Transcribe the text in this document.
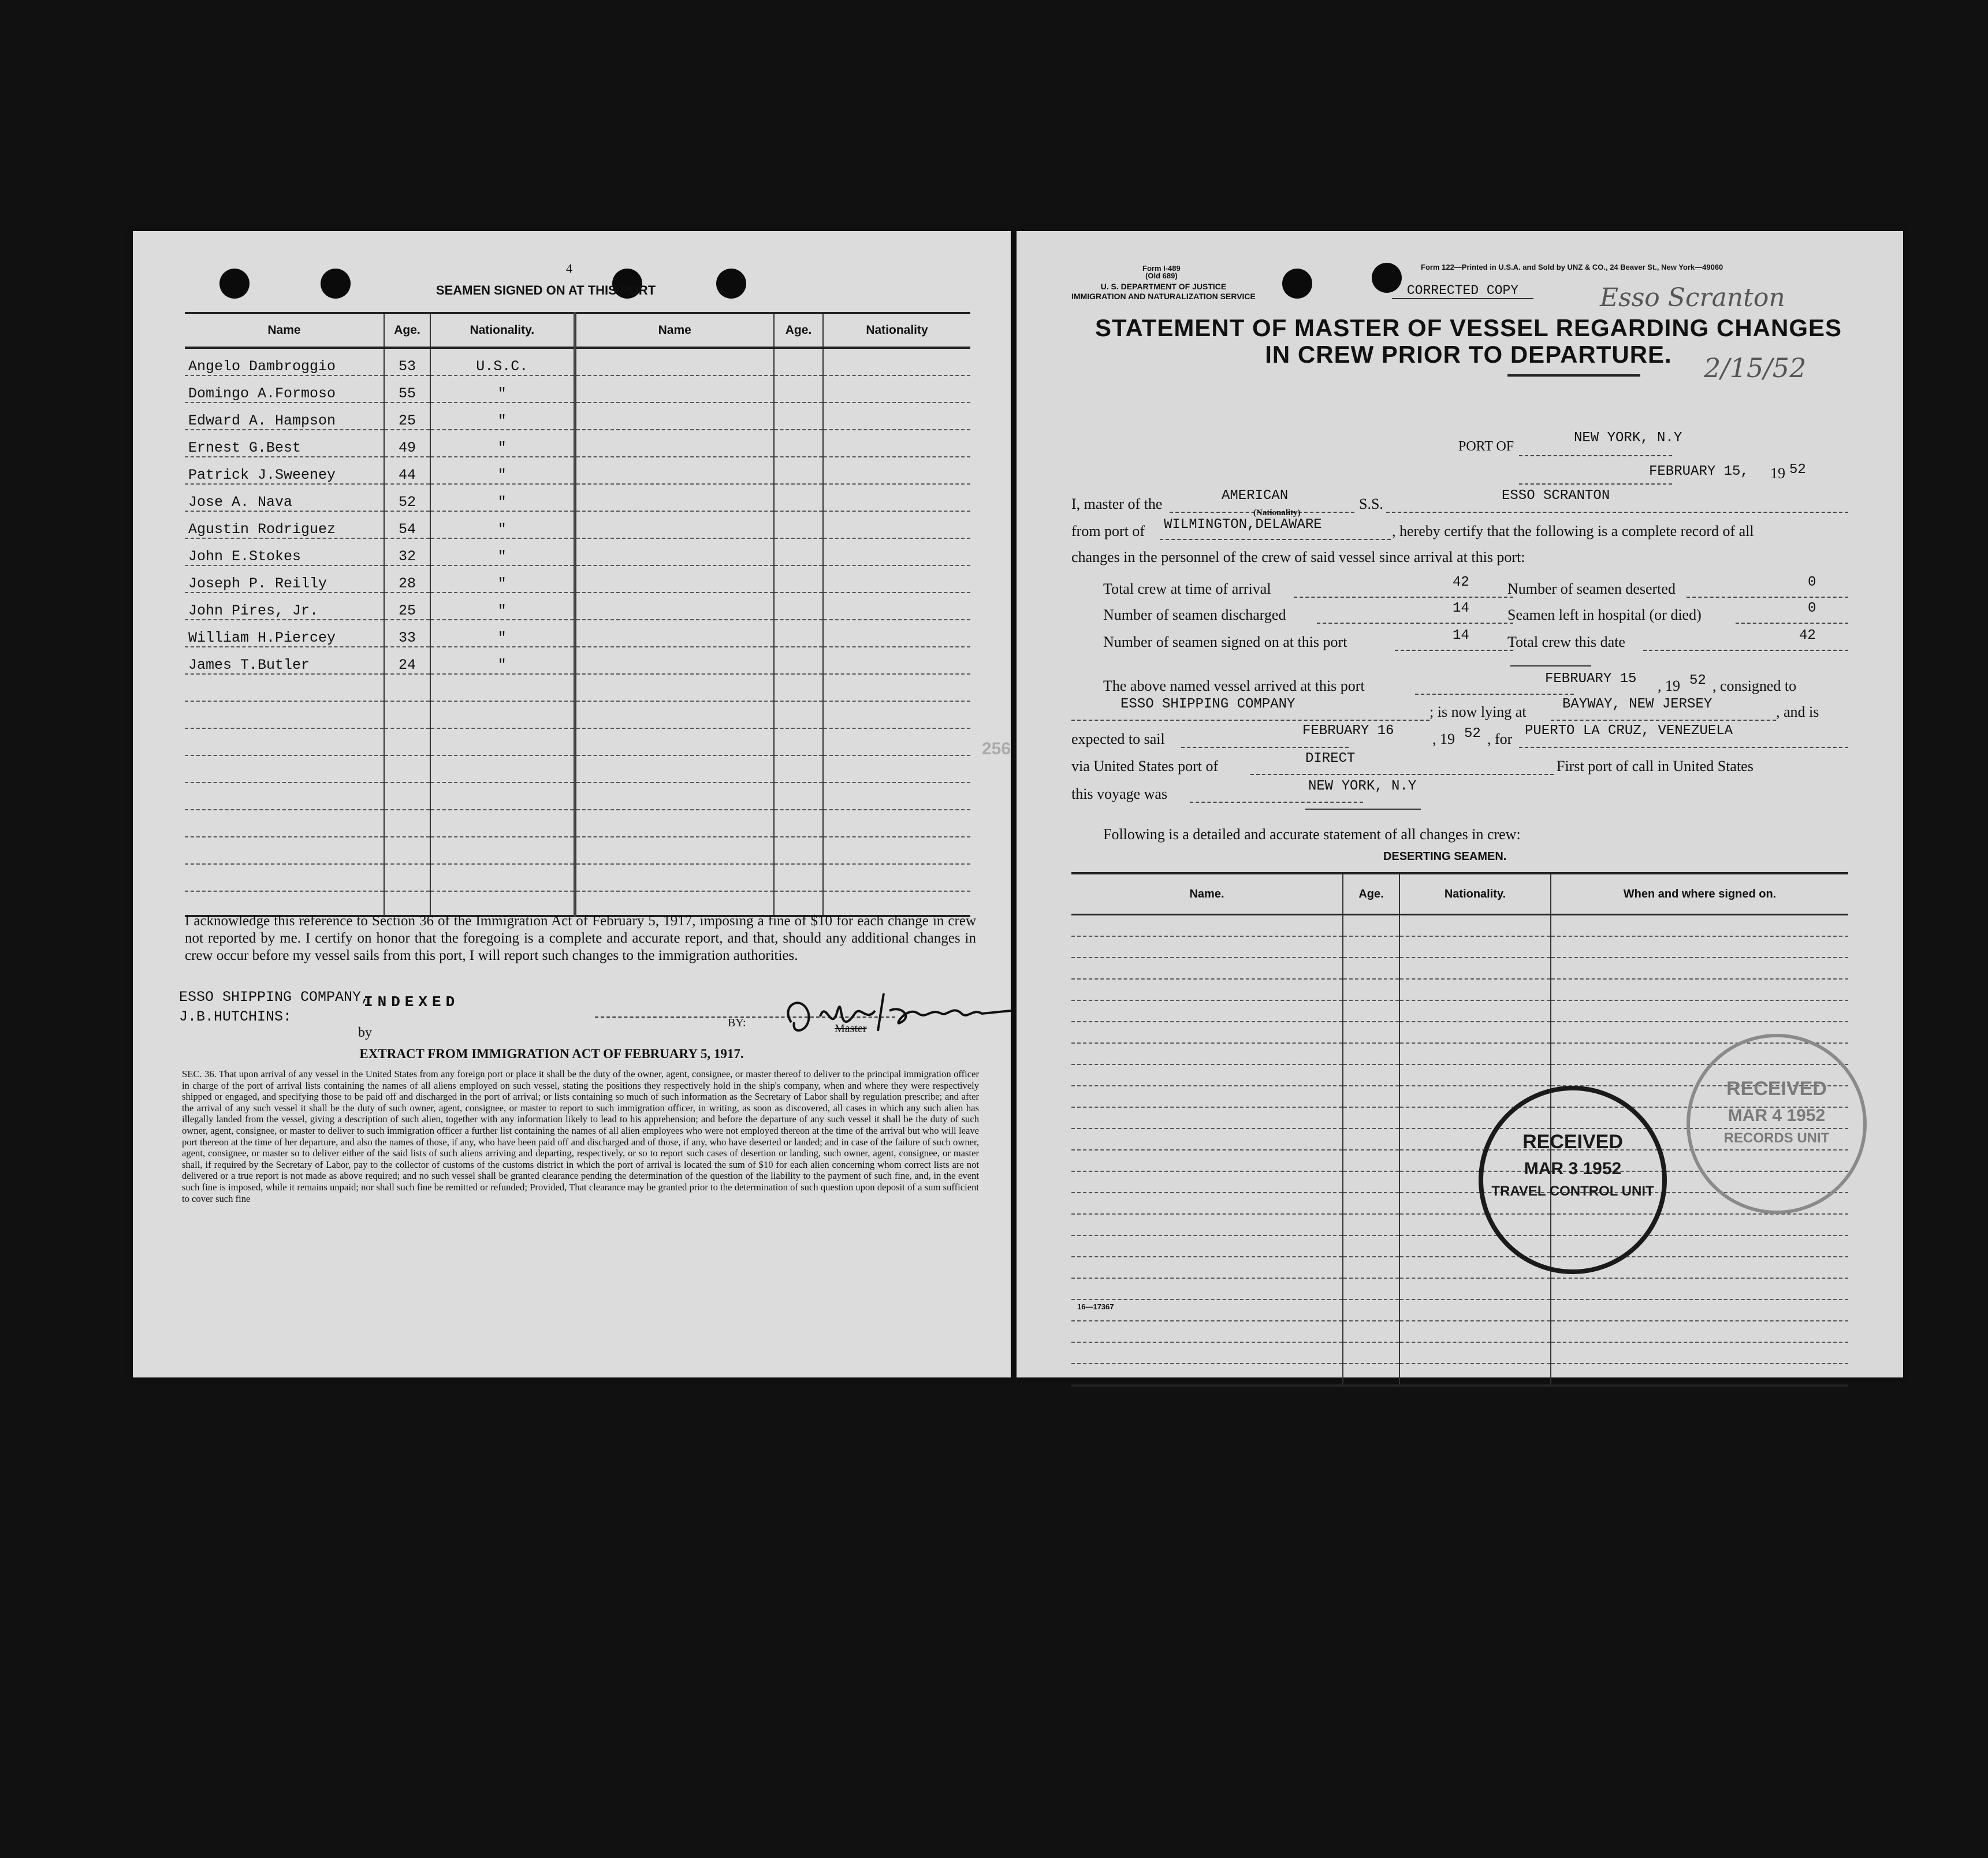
4
SEAMEN SIGNED ON AT THIS PORT
Name	Age.	Nationality.	Name	Age.	Nationality
Angelo Dambroggio	53	U.S.C.			
Domingo A.Formoso	55	"			
Edward A. Hampson	25	"			
Ernest G.Best	49	"			
Patrick J.Sweeney	44	"			
Jose A. Nava	52	"			
Agustin Rodriguez	54	"			
John E.Stokes	32	"			
Joseph P. Reilly	28	"			
John Pires, Jr.	25	"			
William H.Piercey	33	"			
James T.Butler	24	"			

I acknowledge this reference to Section 36 of the Immigration Act of February 5, 1917, imposing a fine of $10 for each change in crew not reported by me. I certify on honor that the foregoing is a complete and accurate report, and that, should any additional changes in crew occur before my vessel sails from this port, I will report such changes to the immigration authorities.
ESSO SHIPPING COMPANY,
J.B.HUTCHINS:
INDEXED
by
BY:	Master
EXTRACT FROM IMMIGRATION ACT OF FEBRUARY 5, 1917.
SEC. 36. That upon arrival of any vessel in the United States from any foreign port or place it shall be the duty of the owner, agent, consignee, or master thereof to deliver to the principal immigration officer in charge of the port of arrival lists containing the names of all aliens employed on such vessel, stating the positions they respectively hold in the ship's company, when and where they were respectively shipped or engaged, and specifying those to be paid off and discharged in the port of arrival; or lists containing so much of such information as the Secretary of Labor shall by regulation prescribe; and after the arrival of any such vessel it shall be the duty of such owner, agent, consignee, or master to report to such immigration officer, in writing, as soon as discovered, all cases in which any such alien has illegally landed from the vessel, giving a description of such alien, together with any information likely to lead to his apprehension; and before the departure of any such vessel it shall be the duty of such owner, agent, consignee, or master to deliver to such immigration officer a further list containing the names of all alien employees who were not employed thereon at the time of the arrival but who will leave port thereon at the time of her departure, and also the names of those, if any, who have been paid off and discharged and of those, if any, who have deserted or landed; and in case of the failure of such owner, agent, consignee, or master so to deliver either of the said lists of such aliens arriving and departing, respectively, or so to report such cases of desertion or landing, such owner, agent, consignee, or master shall, if required by the Secretary of Labor, pay to the collector of customs of the customs district in which the port of arrival is located the sum of $10 for each alien concerning whom correct lists are not delivered or a true report is not made as above required; and no such vessel shall be granted clearance pending the determination of the question of the liability to the payment of such fine, and, in the event such fine is imposed, while it remains unpaid; nor shall such fine be remitted or refunded; Provided, That clearance may be granted prior to the determination of such question upon deposit of a sum sufficient to cover such fine
Form I-489
(Old 689)
U. S. DEPARTMENT OF JUSTICE
IMMIGRATION AND NATURALIZATION SERVICE
Form 122—Printed in U.S.A. and Sold by UNZ & CO., 24 Beaver St., New York—49060
CORRECTED COPY	Esso Scranton
2/15/52
STATEMENT OF MASTER OF VESSEL REGARDING CHANGES
IN CREW PRIOR TO DEPARTURE.
PORT OF
NEW YORK, N.Y
FEBRUARY 15, 19 52
I, master of the	AMERICAN
(Nationality)
S.S.	ESSO SCRANTON
from port of WILMINGTON,DELAWARE	, hereby certify that the following is a complete record of all
changes in the personnel of the crew of said vessel since arrival at this port:
Total crew at time of arrival	42
Number of seamen discharged	14
Number of seamen signed on at this port	14
Number of seamen deserted	0
Seamen left in hospital (or died)	0
Total crew this date	42
The above named vessel arrived at this port	FEBRUARY 15 , 19 52 , consigned to
ESSO SHIPPING COMPANY	; is now lying at	BAYWAY, NEW JERSEY	, and is
expected to sail	FEBRUARY 16	, 19 52 , for PUERTO LA CRUZ, VENEZUELA
via United States port of	DIRECT	First port of call in United States
this voyage was	NEW YORK, N.Y
Following is a detailed and accurate statement of all changes in crew:
DESERTING SEAMEN.
Name.	Age.	Nationality.	When and where signed on.

16—17367
RECEIVED
MAR 3 1952
TRAVEL CONTROL UNIT
RECEIVED
MAR 4 1952
RECORDS UNIT
256
